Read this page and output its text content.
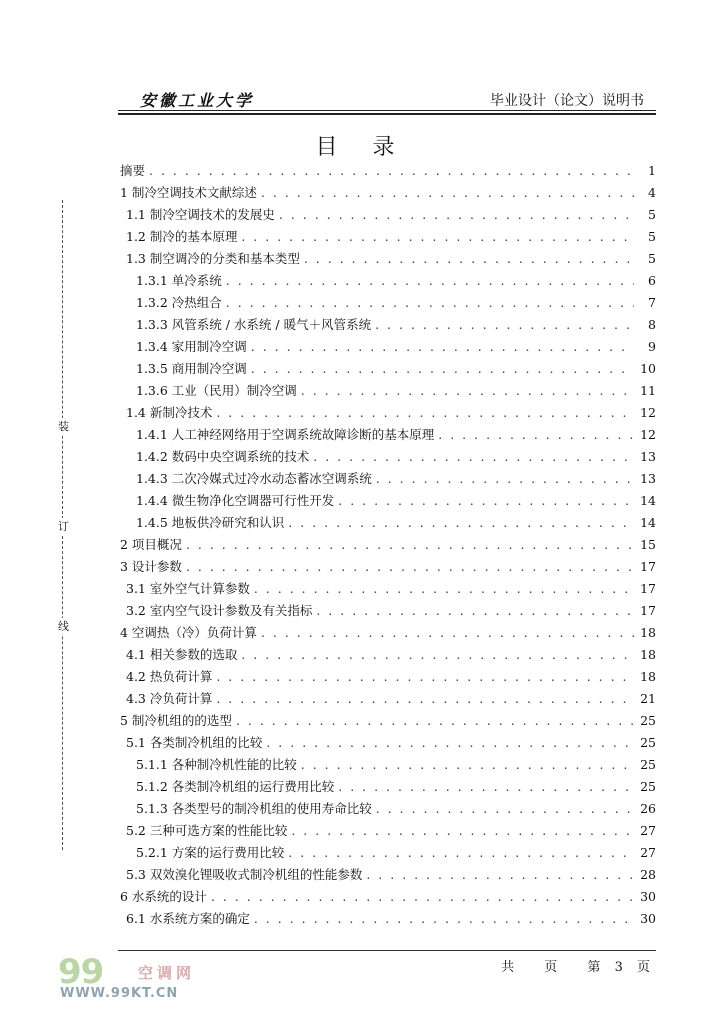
安徽工业大学	毕业设计（论文）说明书
装
订
线
目 录
摘要 . . .	1
1 制冷空调技术文献综述 . . .	4
1.1 制冷空调技术的发展史 . . .	5
1.2 制冷的基本原理 . . .	5
1.3 制空调冷的分类和基本类型 . . .	5
1.3.1 单冷系统 . . .	6
1.3.2 冷热组合 . . .	7
1.3.3 风管系统 / 水系统 / 暖气＋风管系统 . . .	8
1.3.4 家用制冷空调 . . .	9
1.3.5 商用制冷空调 . . .	10
1.3.6 工业（民用）制冷空调 . . .	11
1.4 新制冷技术 . . .	12
1.4.1 人工神经网络用于空调系统故障诊断的基本原理 . . .	12
1.4.2 数码中央空调系统的技术 . . .	13
1.4.3 二次冷媒式过冷水动态蓄冰空调系统 . . .	13
1.4.4 微生物净化空调器可行性开发 . . .	14
1.4.5 地板供冷研究和认识 . . .	14
2 项目概况 . . .	15
3 设计参数 . . .	17
3.1 室外空气计算参数 . . .	17
3.2 室内空气设计参数及有关指标 . . .	17
4 空调热（冷）负荷计算 . . .	18
4.1 相关参数的选取 . . .	18
4.2 热负荷计算 . . .	18
4.3 冷负荷计算 . . .	21
5 制冷机组的的选型 . . .	25
5.1 各类制冷机组的比较 . . .	25
5.1.1 各种制冷机性能的比较 . . .	25
5.1.2 各类制冷机组的运行费用比较 . . .	25
5.1.3 各类型号的制冷机组的使用寿命比较 . . .	26
5.2 三种可选方案的性能比较 . . .	27
5.2.1 方案的运行费用比较 . . .	27
5.3 双效溴化锂吸收式制冷机组的性能参数 . . .	28
6 水系统的设计 . . .	30
6.1 水系统方案的确定 . . .	30
共 页 第 3 页
99 空调网
WWW.99KT.CN
